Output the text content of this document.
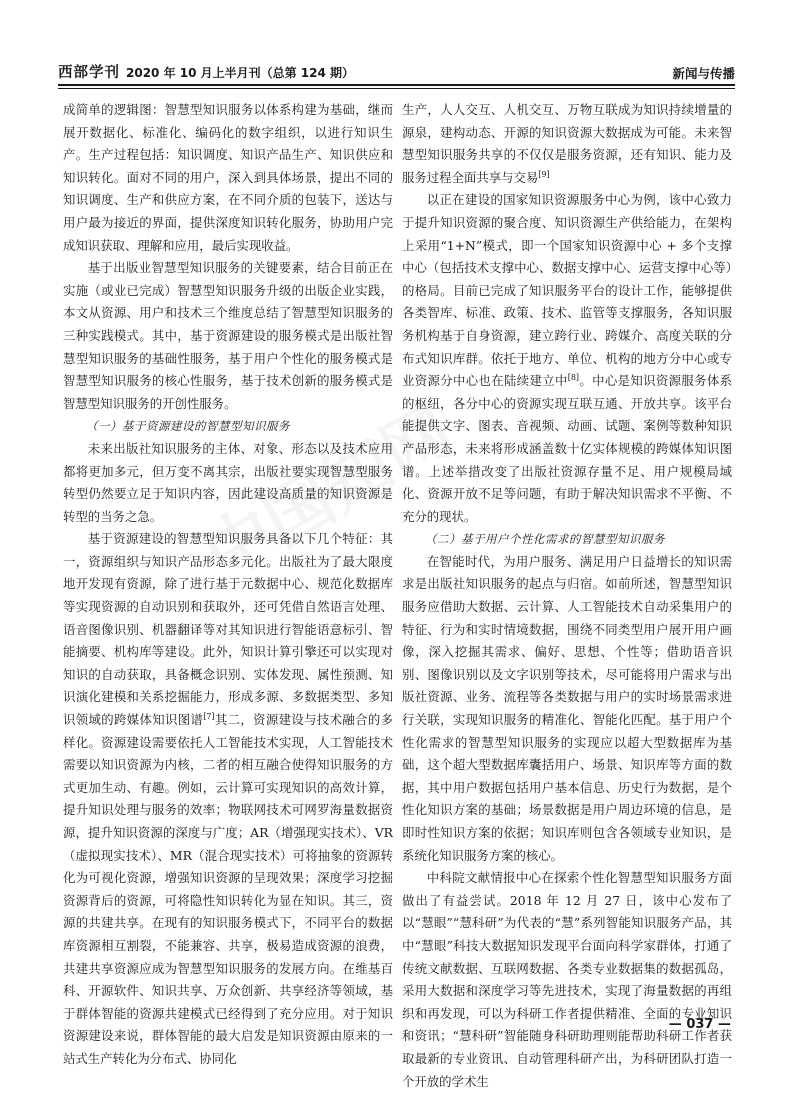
西部学刊 2020 年 10 月上半月刊（总第 124 期）	新闻与传播

成简单的逻辑图：智慧型知识服务以体系构建为基础，继而展开数据化、标准化、编码化的数字组织，以进行知识生产。生产过程包括：知识调度、知识产品生产、知识供应和知识转化。面对不同的用户，深入到具体场景，提出不同的知识调度、生产和供应方案，在不同介质的包装下，送达与用户最为接近的界面，提供深度知识转化服务，协助用户完成知识获取、理解和应用，最后实现收益。

基于出版业智慧型知识服务的关键要素，结合目前正在实施（或业已完成）智慧型知识服务升级的出版企业实践，本文从资源、用户和技术三个维度总结了智慧型知识服务的三种实践模式。其中，基于资源建设的服务模式是出版社智慧型知识服务的基础性服务，基于用户个性化的服务模式是智慧型知识服务的核心性服务，基于技术创新的服务模式是智慧型知识服务的开创性服务。

（一）基于资源建设的智慧型知识服务

未来出版社知识服务的主体、对象、形态以及技术应用都将更加多元，但万变不离其宗，出版社要实现智慧型服务转型仍然要立足于知识内容，因此建设高质量的知识资源是转型的当务之急。

基于资源建设的智慧型知识服务具备以下几个特征：其一，资源组织与知识产品形态多元化。出版社为了最大限度地开发现有资源，除了进行基于元数据中心、规范化数据库等实现资源的自动识别和获取外，还可凭借自然语言处理、语音图像识别、机器翻译等对其知识进行智能语意标引、智能摘要、机构库等建设。此外，知识计算引擎还可以实现对知识的自动获取，具备概念识别、实体发现、属性预测、知识演化建模和关系挖掘能力，形成多源、多数据类型、多知识领域的跨媒体知识图谱[7]其二，资源建设与技术融合的多样化。资源建设需要依托人工智能技术实现，人工智能技术需要以知识资源为内核，二者的相互融合使得知识服务的方式更加生动、有趣。例如，云计算可实现知识的高效计算，提升知识处理与服务的效率；物联网技术可网罗海量数据资源，提升知识资源的深度与广度；AR（增强现实技术）、VR（虚拟现实技术）、MR（混合现实技术）可将抽象的资源转化为可视化资源，增强知识资源的呈现效果；深度学习挖掘资源背后的资源，可将隐性知识转化为显在知识。其三，资源的共建共享。在现有的知识服务模式下，不同平台的数据库资源相互割裂，不能兼容、共享，极易造成资源的浪费，共建共享资源应成为智慧型知识服务的发展方向。在维基百科、开源软件、知识共享、万众创新、共享经济等领域，基于群体智能的资源共建模式已经得到了充分应用。对于知识资源建设来说，群体智能的最大启发是知识资源由原来的一站式生产转化为分布式、协同化

生产，人人交互、人机交互、万物互联成为知识持续增量的源泉，建构动态、开源的知识资源大数据成为可能。未来智慧型知识服务共享的不仅仅是服务资源，还有知识、能力及服务过程全面共享与交易[9]

以正在建设的国家知识资源服务中心为例，该中心致力于提升知识资源的聚合度、知识资源生产供给能力，在架构上采用“1+N”模式，即一个国家知识资源中心 + 多个支撑中心（包括技术支撑中心、数据支撑中心、运营支撑中心等）的格局。目前已完成了知识服务平台的设计工作，能够提供各类智库、标准、政策、技术、监管等支撑服务，各知识服务机构基于自身资源，建立跨行业、跨媒介、高度关联的分布式知识库群。依托于地方、单位、机构的地方分中心或专业资源分中心也在陆续建立中[8]。中心是知识资源服务体系的枢纽，各分中心的资源实现互联互通、开放共享。该平台能提供文字、图表、音视频、动画、试题、案例等数种知识产品形态，未来将形成涵盖数十亿实体规模的跨媒体知识图谱。上述举措改变了出版社资源存量不足、用户规模局域化、资源开放不足等问题，有助于解决知识需求不平衡、不充分的现状。

（二）基于用户个性化需求的智慧型知识服务

在智能时代，为用户服务、满足用户日益增长的知识需求是出版社知识服务的起点与归宿。如前所述，智慧型知识服务应借助大数据、云计算、人工智能技术自动采集用户的特征、行为和实时情境数据，围绕不同类型用户展开用户画像，深入挖掘其需求、偏好、思想、个性等；借助语音识别、图像识别以及文字识别等技术，尽可能将用户需求与出版社资源、业务、流程等各类数据与用户的实时场景需求进行关联，实现知识服务的精准化、智能化匹配。基于用户个性化需求的智慧型知识服务的实现应以超大型数据库为基础，这个超大型数据库囊括用户、场景、知识库等方面的数据，其中用户数据包括用户基本信息、历史行为数据，是个性化知识方案的基础；场景数据是用户周边环境的信息，是即时性知识方案的依据；知识库则包含各领域专业知识，是系统化知识服务方案的核心。

中科院文献情报中心在探索个性化智慧型知识服务方面做出了有益尝试。2018 年 12 月 27 日，该中心发布了以“慧眼”“慧科研”为代表的“慧”系列智能知识服务产品，其中“慧眼”科技大数据知识发现平台面向科学家群体，打通了传统文献数据、互联网数据、各类专业数据集的数据孤岛，采用大数据和深度学习等先进技术，实现了海量数据的再组织和再发现，可以为科研工作者提供精准、全面的专业知识和资讯；“慧科研”智能随身科研助理则能帮助科研工作者获取最新的专业资讯、自动管理科研产出，为科研团队打造一个开放的学术生

— 037 —
